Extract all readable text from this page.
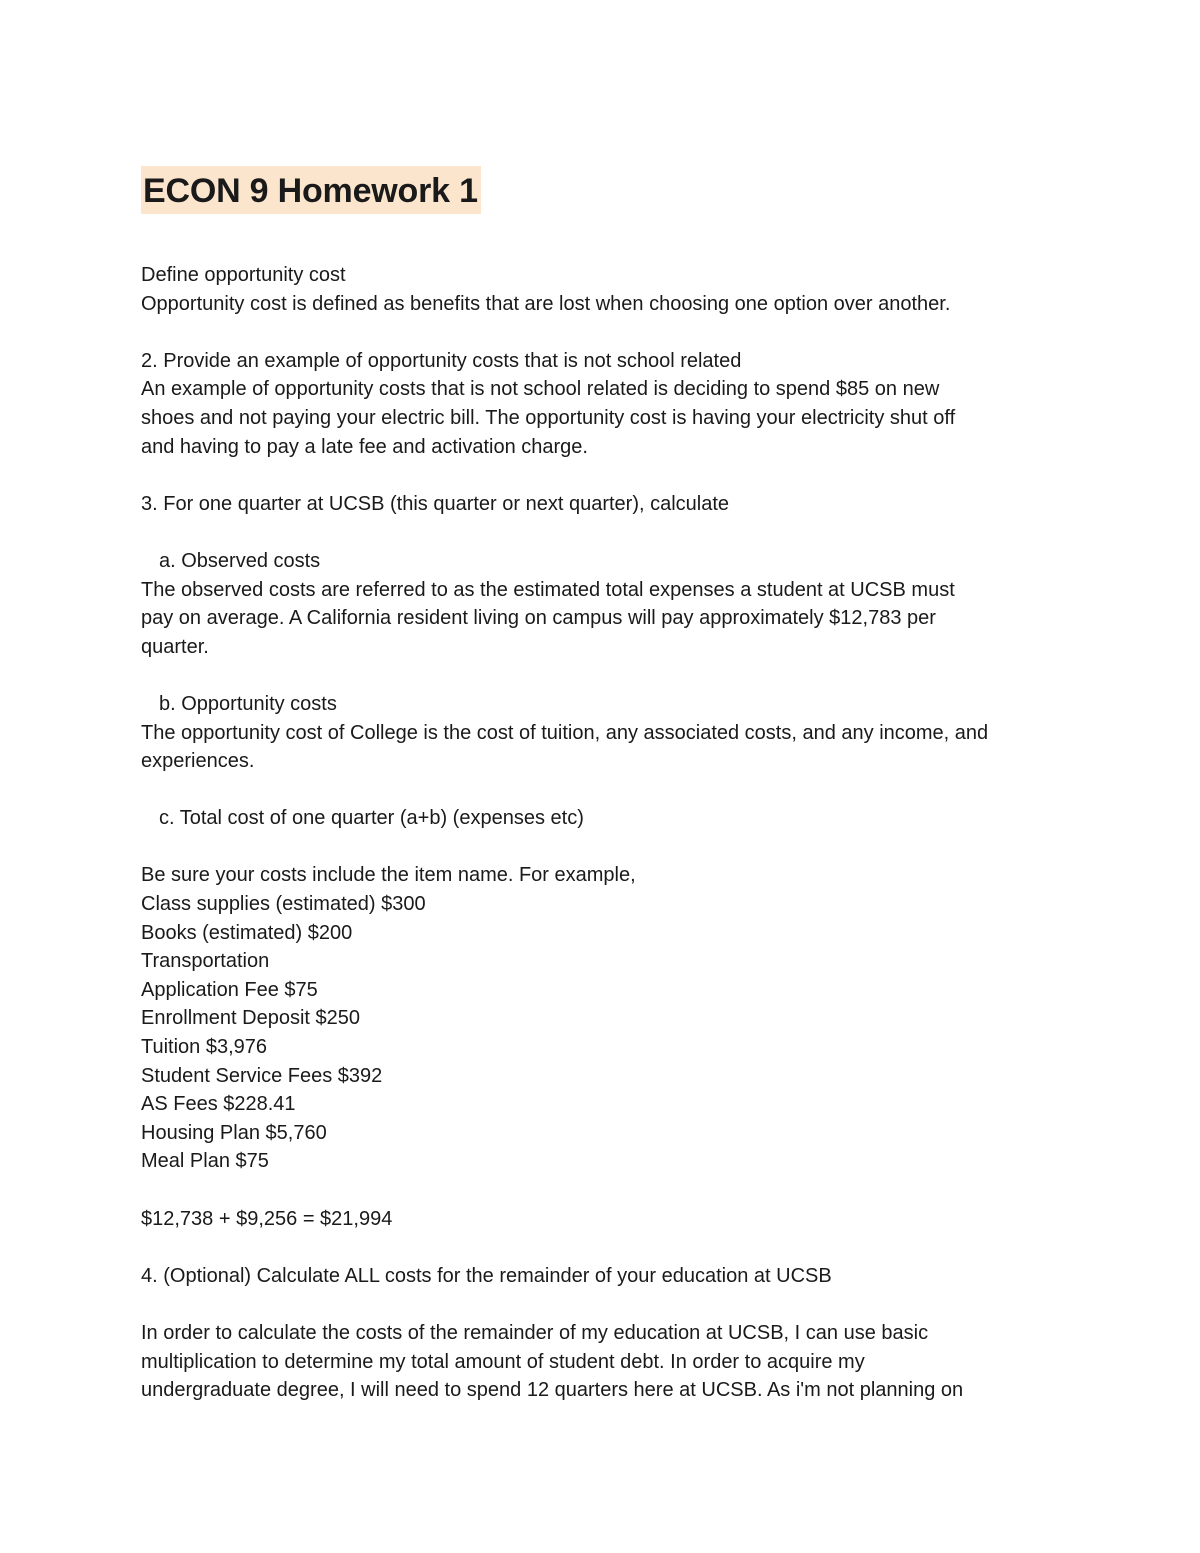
ECON 9 Homework 1
Define opportunity cost
Opportunity cost is defined as benefits that are lost when choosing one option over another.
2. Provide an example of opportunity costs that is not school related
An example of opportunity costs that is not school related is deciding to spend $85 on new
shoes and not paying your electric bill. The opportunity cost is having your electricity shut off
and having to pay a late fee and activation charge.
3. For one quarter at UCSB (this quarter or next quarter), calculate
a. Observed costs
The observed costs are referred to as the estimated total expenses a student at UCSB must
pay on average. A California resident living on campus will pay approximately $12,783 per
quarter.
b. Opportunity costs
The opportunity cost of College is the cost of tuition, any associated costs, and any income, and
experiences.
c. Total cost of one quarter (a+b) (expenses etc)
Be sure your costs include the item name. For example,
Class supplies (estimated) $300
Books (estimated) $200
Transportation
Application Fee $75
Enrollment Deposit $250
Tuition $3,976
Student Service Fees $392
AS Fees $228.41
Housing Plan $5,760
Meal Plan $75
$12,738 + $9,256 = $21,994
4. (Optional) Calculate ALL costs for the remainder of your education at UCSB
In order to calculate the costs of the remainder of my education at UCSB, I can use basic
multiplication to determine my total amount of student debt. In order to acquire my
undergraduate degree, I will need to spend 12 quarters here at UCSB. As i'm not planning on
